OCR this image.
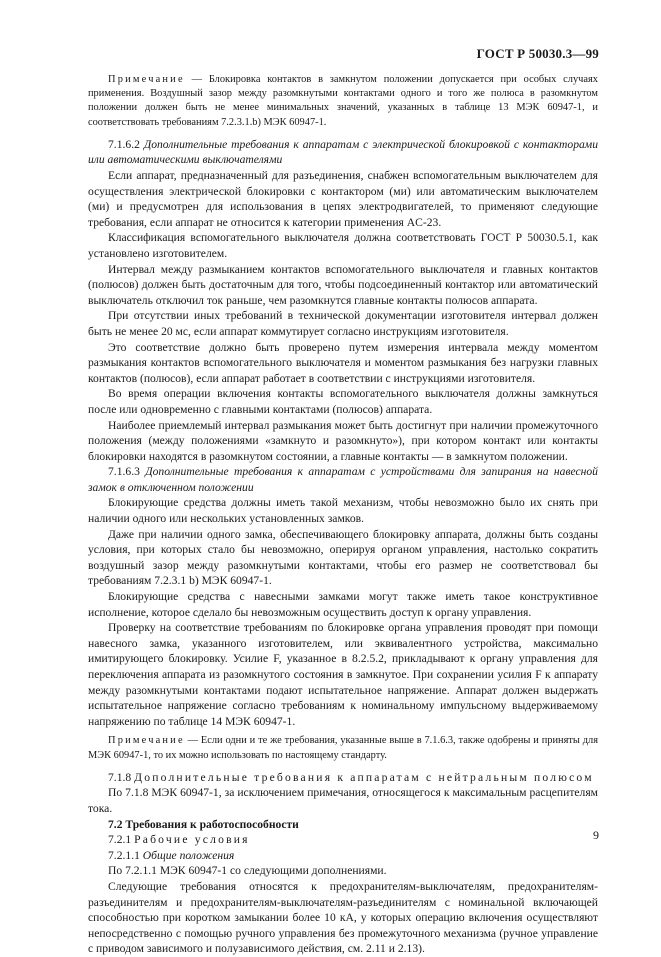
ГОСТ Р 50030.3—99

Примечание — Блокировка контактов в замкнутом положении допускается при особых случаях применения. Воздушный зазор между разомкнутыми контактами одного и того же полюса в разомкнутом положении должен быть не менее минимальных значений, указанных в таблице 13 МЭК 60947-1, и соответствовать требованиям 7.2.3.1.b) МЭК 60947-1.

7.1.6.2 Дополнительные требования к аппаратам с электрической блокировкой с контакторами или автоматическими выключателями

Если аппарат, предназначенный для разъединения, снабжен вспомогательным выключателем для осуществления электрической блокировки с контактором (ми) или автоматическим выключателем (ми) и предусмотрен для использования в цепях электродвигателей, то применяют следующие требования, если аппарат не относится к категории применения AC-23.

Классификация вспомогательного выключателя должна соответствовать ГОСТ Р 50030.5.1, как установлено изготовителем.

Интервал между размыканием контактов вспомогательного выключателя и главных контактов (полюсов) должен быть достаточным для того, чтобы подсоединенный контактор или автоматический выключатель отключил ток раньше, чем разомкнутся главные контакты полюсов аппарата.

При отсутствии иных требований в технической документации изготовителя интервал должен быть не менее 20 мс, если аппарат коммутирует согласно инструкциям изготовителя.

Это соответствие должно быть проверено путем измерения интервала между моментом размыкания контактов вспомогательного выключателя и моментом размыкания без нагрузки главных контактов (полюсов), если аппарат работает в соответствии с инструкциями изготовителя.

Во время операции включения контакты вспомогательного выключателя должны замкнуться после или одновременно с главными контактами (полюсов) аппарата.

Наиболее приемлемый интервал размыкания может быть достигнут при наличии промежуточного положения (между положениями «замкнуто и разомкнуто»), при котором контакт или контакты блокировки находятся в разомкнутом состоянии, а главные контакты — в замкнутом положении.

7.1.6.3 Дополнительные требования к аппаратам с устройствами для запирания на навесной замок в отключенном положении

Блокирующие средства должны иметь такой механизм, чтобы невозможно было их снять при наличии одного или нескольких установленных замков.

Даже при наличии одного замка, обеспечивающего блокировку аппарата, должны быть созданы условия, при которых стало бы невозможно, оперируя органом управления, настолько сократить воздушный зазор между разомкнутыми контактами, чтобы его размер не соответствовал бы требованиям 7.2.3.1 b) МЭК 60947-1.

Блокирующие средства с навесными замками могут также иметь такое конструктивное исполнение, которое сделало бы невозможным осуществить доступ к органу управления.

Проверку на соответствие требованиям по блокировке органа управления проводят при помощи навесного замка, указанного изготовителем, или эквивалентного устройства, максимально имитирующего блокировку. Усилие F, указанное в 8.2.5.2, прикладывают к органу управления для переключения аппарата из разомкнутого состояния в замкнутое. При сохранении усилия F к аппарату между разомкнутыми контактами подают испытательное напряжение. Аппарат должен выдержать испытательное напряжение согласно требованиям к номинальному импульсному выдерживаемому напряжению по таблице 14 МЭК 60947-1.

Примечание — Если одни и те же требования, указанные выше в 7.1.6.3, также одобрены и приняты для МЭК 60947-1, то их можно использовать по настоящему стандарту.

7.1.8 Дополнительные требования к аппаратам с нейтральным полюсом

По 7.1.8 МЭК 60947-1, за исключением примечания, относящегося к максимальным расцепителям тока.

7.2 Требования к работоспособности

7.2.1 Рабочие условия

7.2.1.1 Общие положения

По 7.2.1.1 МЭК 60947-1 со следующими дополнениями.

Следующие требования относятся к предохранителям-выключателям, предохранителям-разъединителям и предохранителям-выключателям-разъединителям с номинальной включающей способностью при коротком замыкании более 10 кА, у которых операцию включения осуществляют непосредственно с помощью ручного управления без промежуточного механизма (ручное управление с приводом зависимого и полузависимого действия, см. 2.11 и 2.13).

9
